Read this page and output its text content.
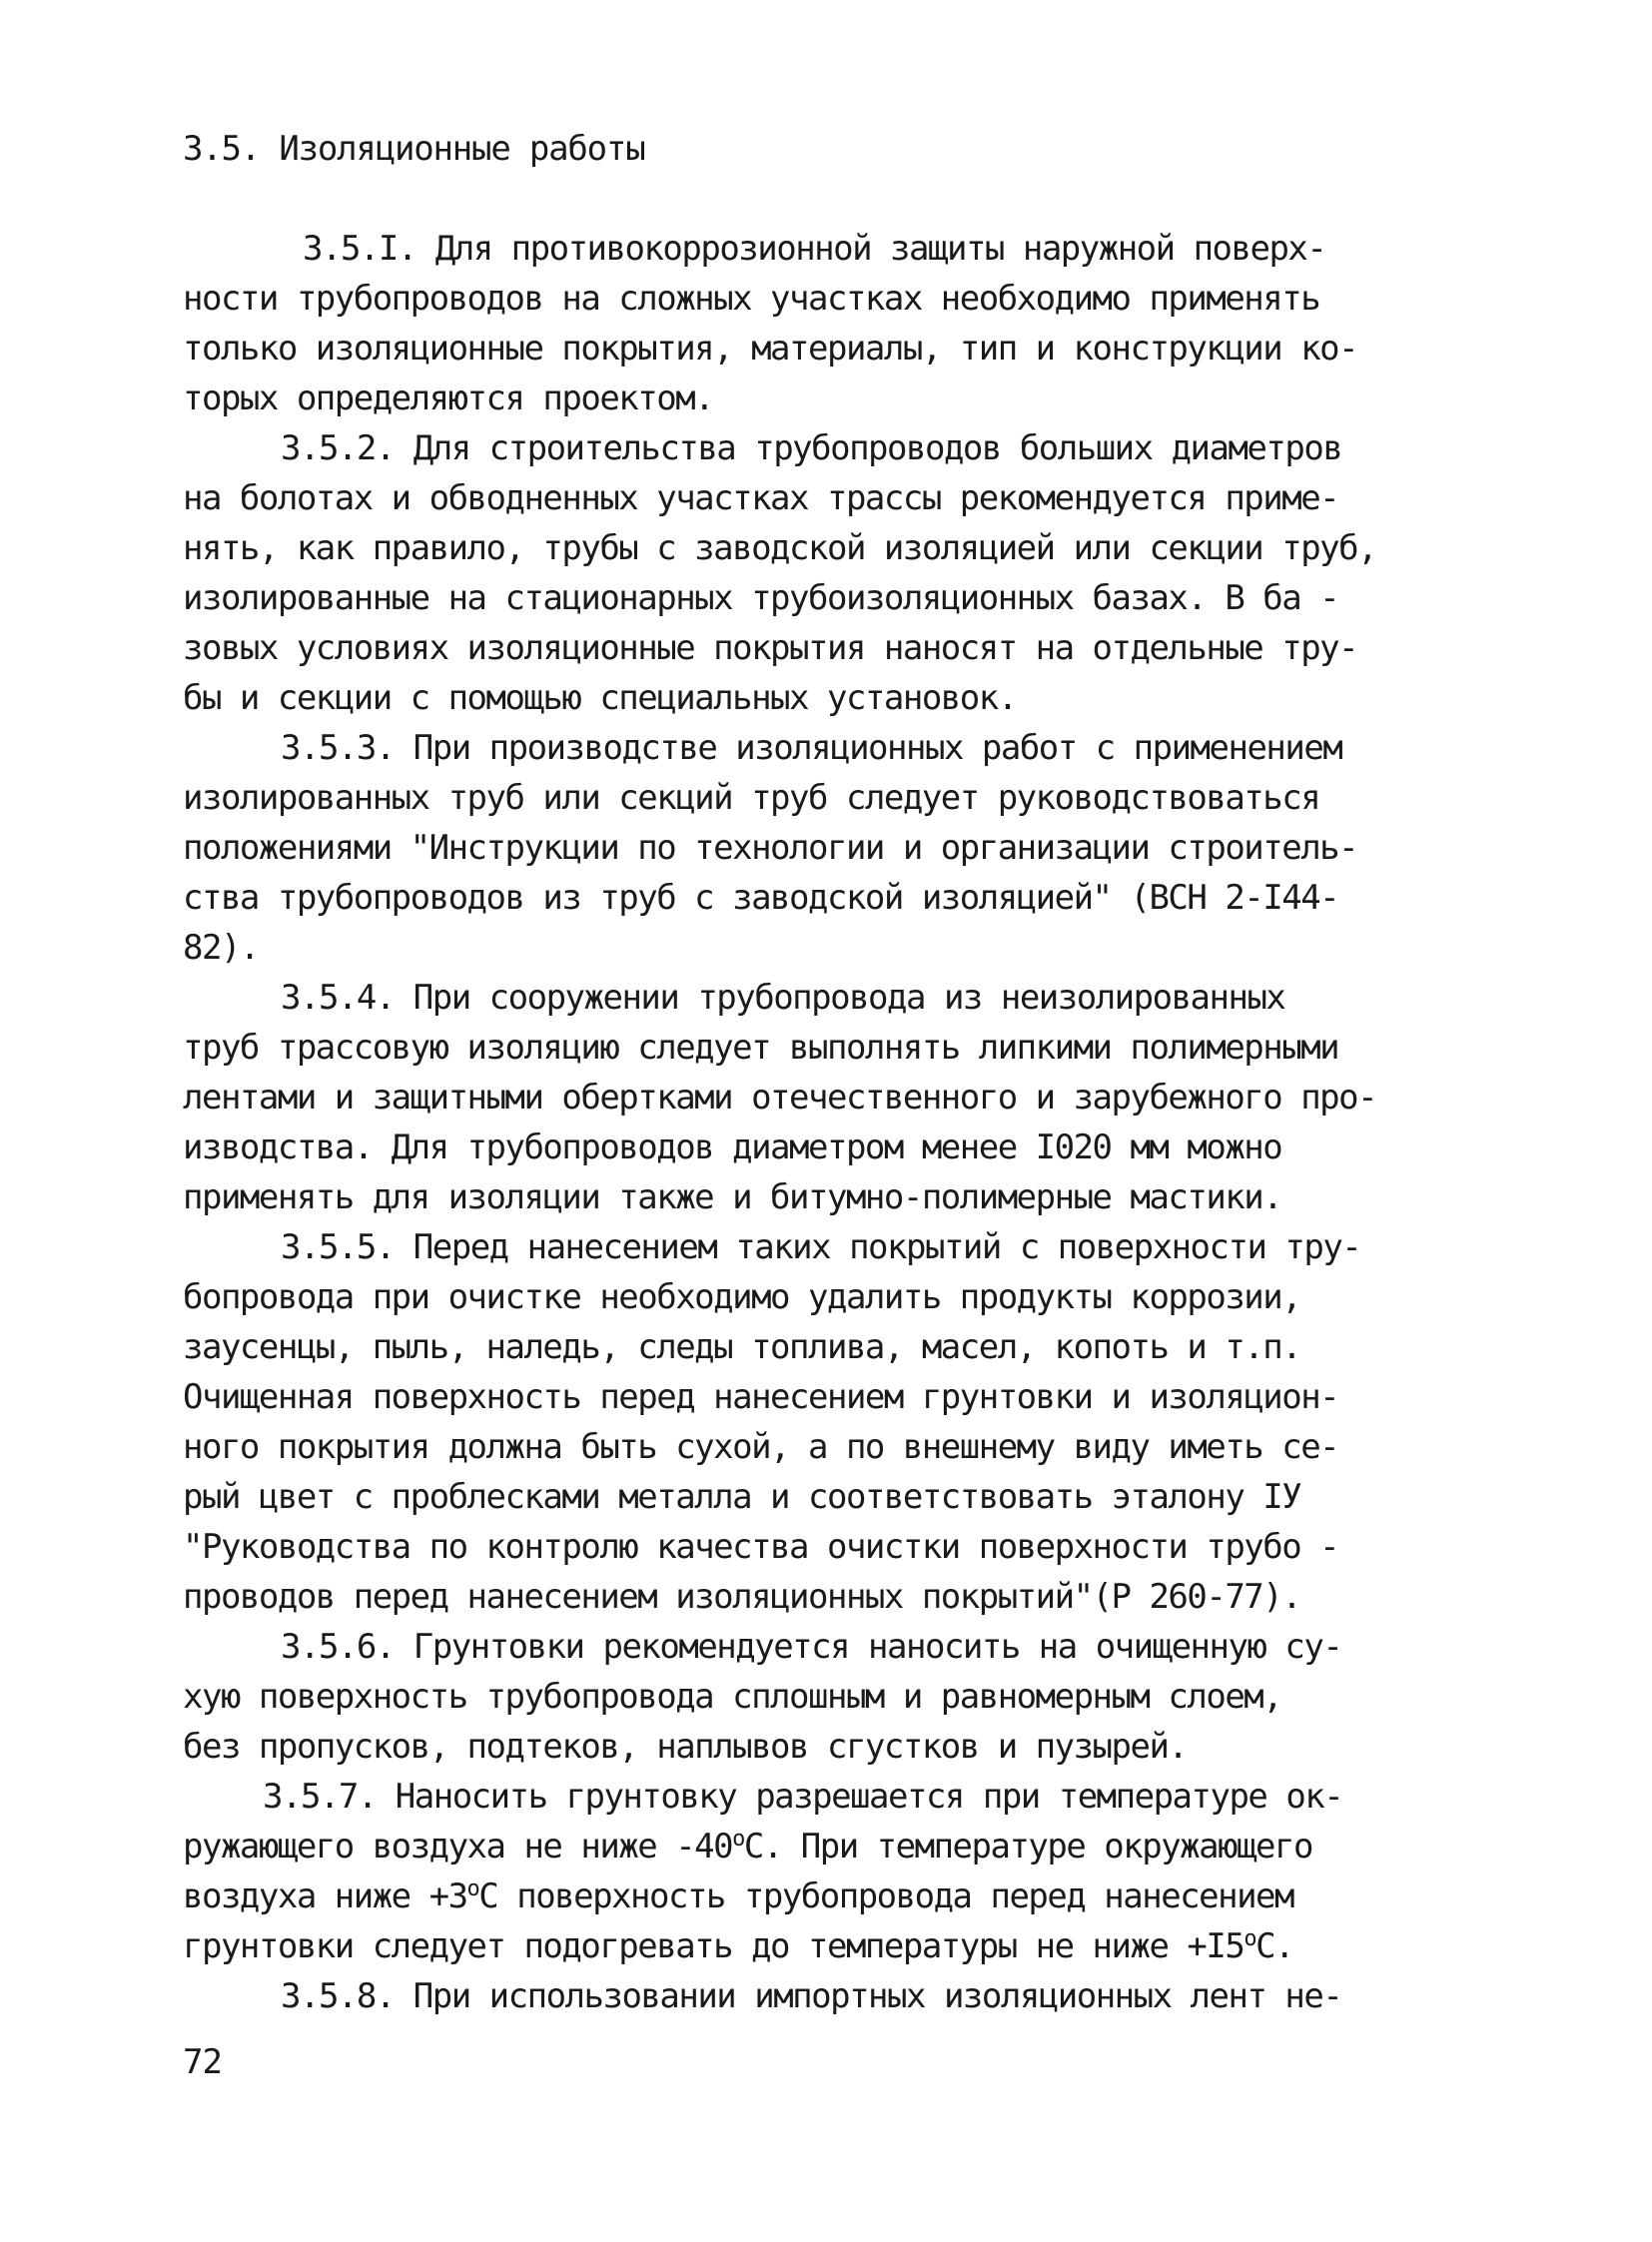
3.5. Изоляционные работы
3.5.I. Для противокоррозионной защиты наружной поверх-
ности трубопроводов на сложных участках необходимо применять
только изоляционные покрытия, материалы, тип и конструкции ко-
торых определяются проектом.
3.5.2. Для строительства трубопроводов больших диаметров
на болотах и обводненных участках трассы рекомендуется приме-
нять, как правило, трубы с заводской изоляцией или секции труб,
изолированные на стационарных трубоизоляционных базах. В ба -
зовых условиях изоляционные покрытия наносят на отдельные тру-
бы и секции с помощью специальных установок.
3.5.3. При производстве изоляционных работ с применением
изолированных труб или секций труб следует руководствоваться
положениями "Инструкции по технологии и организации строитель-
ства трубопроводов из труб с заводской изоляцией" (ВСН 2-I44-
82).
3.5.4. При сооружении трубопровода из неизолированных
труб трассовую изоляцию следует выполнять липкими полимерными
лентами и защитными обертками отечественного и зарубежного про-
изводства. Для трубопроводов диаметром менее I020 мм можно
применять для изоляции также и битумно-полимерные мастики.
3.5.5. Перед нанесением таких покрытий с поверхности тру-
бопровода при очистке необходимо удалить продукты коррозии,
заусенцы, пыль, наледь, следы топлива, масел, копоть и т.п.
Очищенная поверхность перед нанесением грунтовки и изоляцион-
ного покрытия должна быть сухой, а по внешнему виду иметь се-
рый цвет с проблесками металла и соответствовать эталону IУ
"Руководства по контролю качества очистки поверхности трубо -
проводов перед нанесением изоляционных покрытий"(Р 260-77).
3.5.6. Грунтовки рекомендуется наносить на очищенную су-
хую поверхность трубопровода сплошным и равномерным слоем,
без пропусков, подтеков, наплывов сгустков и пузырей.
3.5.7. Наносить грунтовку разрешается при температуре ок-
ружающего воздуха не ниже $-40^оС$. При температуре окружающего
воздуха ниже $+3^оС$ поверхность трубопровода перед нанесением
грунтовки следует подогревать до температуры не ниже $+I5^оС$.
3.5.8. При использовании импортных изоляционных лент не-
72
